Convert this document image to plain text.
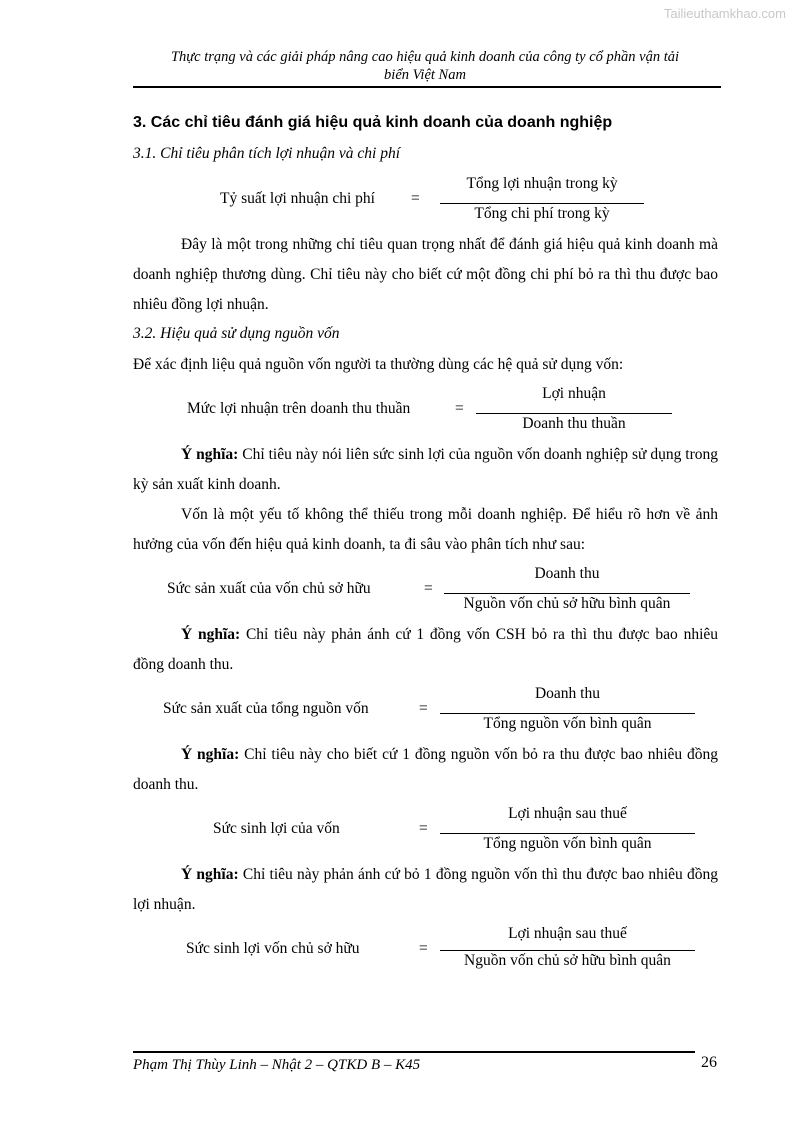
Tailieuthamkhao.com
Thực trạng và các giải pháp nâng cao hiệu quả kinh doanh của công ty cổ phần vận tải
biển Việt Nam
3. Các chỉ tiêu đánh giá hiệu quả kinh doanh của doanh nghiệp
3.1. Chỉ tiêu phân tích lợi nhuận và chi phí
Tỷ suất lợi nhuận chi phí =
Tổng lợi nhuận trong kỳ
Tổng chi phí trong kỳ

Đây là một trong những chỉ tiêu quan trọng nhất để đánh giá hiệu quả kinh doanh mà doanh nghiệp thương dùng. Chỉ tiêu này cho biết cứ một đồng chi phí bỏ ra thì thu được bao nhiêu đồng lợi nhuận.

3.2. Hiệu quả sử dụng nguồn vốn

Để xác định liệu quả nguồn vốn người ta thường dùng các hệ quả sử dụng vốn:

Mức lợi nhuận trên doanh thu thuần	=
Lợi nhuận
Doanh thu thuần

Ý nghĩa: Chỉ tiêu này nói liên sức sinh lợi của nguồn vốn doanh nghiệp sử dụng trong kỳ sản xuất kinh doanh.

Vốn là một yếu tố không thể thiếu trong mỗi doanh nghiệp. Để hiểu rõ hơn về ảnh hưởng của vốn đến hiệu quả kinh doanh, ta đi sâu vào phân tích như sau:

Sức sản xuất của vốn chủ sở hữu	=
Doanh thu
Nguồn vốn chủ sở hữu bình quân

Ý nghĩa: Chỉ tiêu này phản ánh cứ 1 đồng vốn CSH bỏ ra thì thu được bao nhiêu đồng doanh thu.

Sức sản xuất của tổng nguồn vốn	=
Doanh thu
Tổng nguồn vốn bình quân

Ý nghĩa: Chỉ tiêu này cho biết cứ 1 đồng nguồn vốn bỏ ra thu được bao nhiêu đồng doanh thu.

Sức sinh lợi của vốn	=
Lợi nhuận sau thuế
Tổng nguồn vốn bình quân

Ý nghĩa: Chỉ tiêu này phản ánh cứ bỏ 1 đồng nguồn vốn thì thu được bao nhiêu đồng lợi nhuận.

Sức sinh lợi vốn chủ sở hữu	=
Lợi nhuận sau thuế
Nguồn vốn chủ sở hữu bình quân
Phạm Thị Thùy Linh – Nhật 2 – QTKD B – K45	26
